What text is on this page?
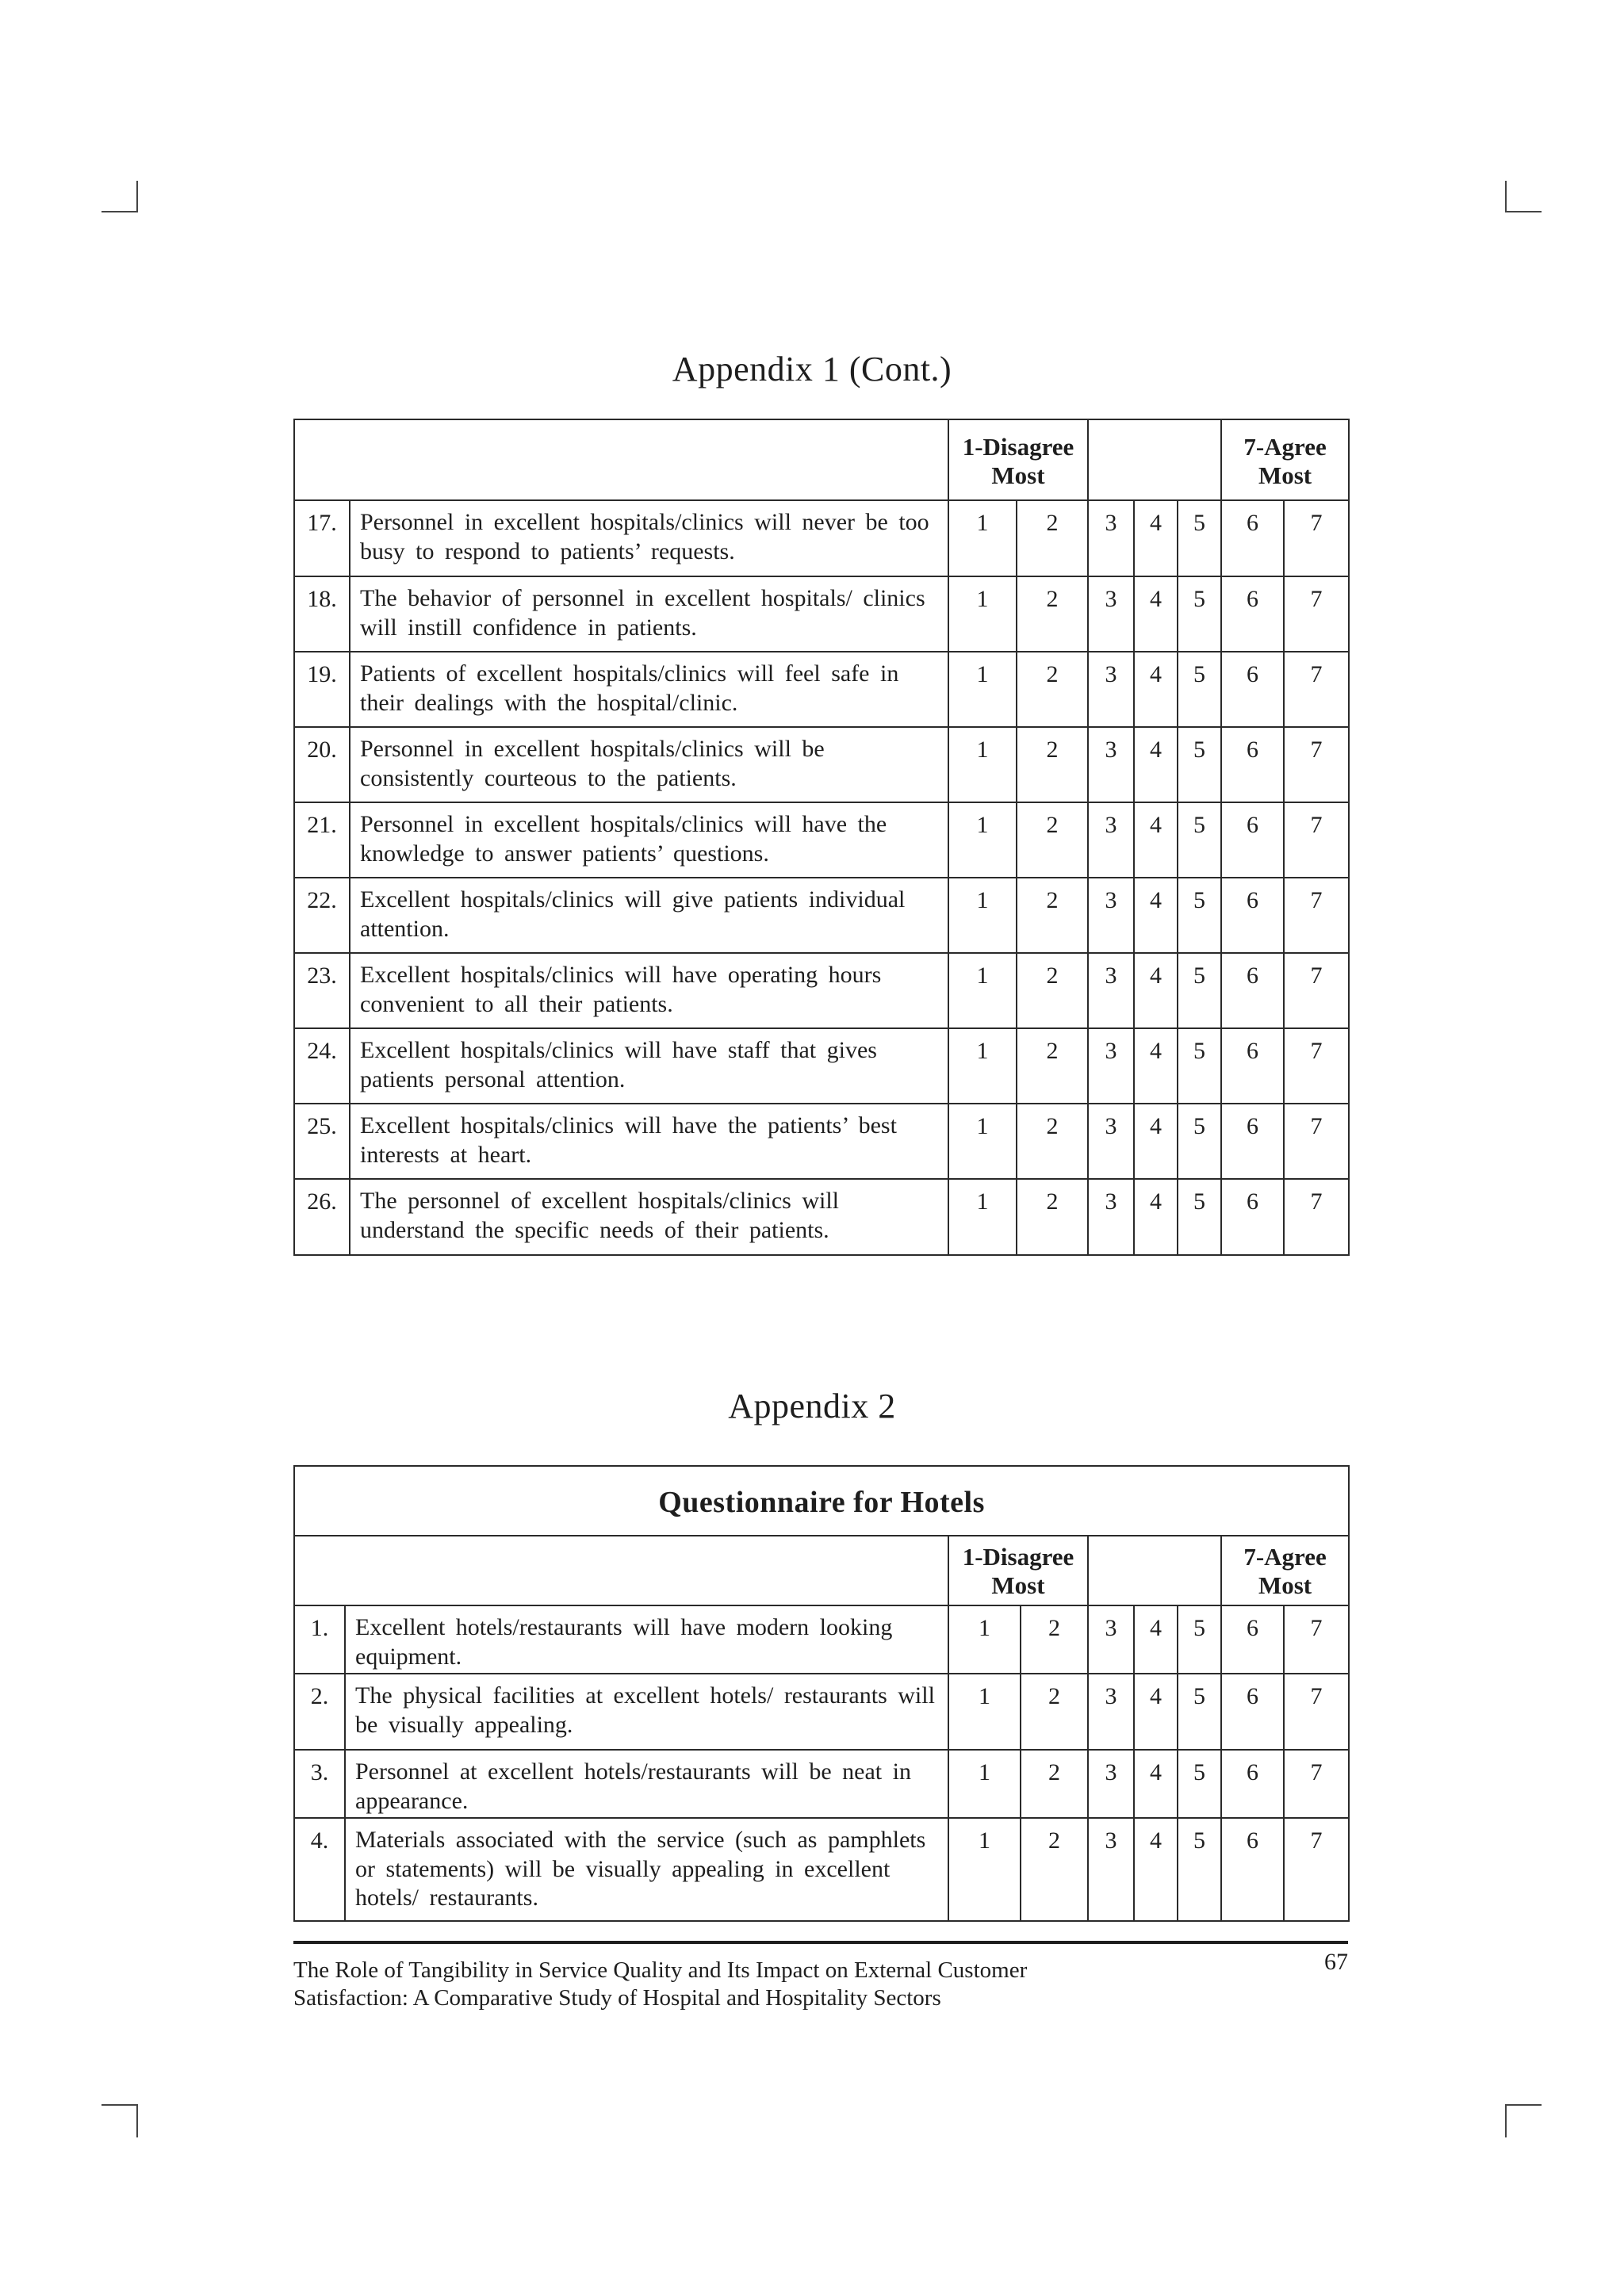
Appendix 1 (Cont.)
		1-Disagree Most					7-Agree Most	
17.	Personnel in excellent hospitals/clinics will never be too busy to respond to patients’ requests.	1	2	3	4	5	6	7
18.	The behavior of personnel in excellent hospitals/ clinics will instill confidence in patients.	1	2	3	4	5	6	7
19.	Patients of excellent hospitals/clinics will feel safe in their dealings with the hospital/clinic.	1	2	3	4	5	6	7
20.	Personnel in excellent hospitals/clinics will be consistently courteous to the patients.	1	2	3	4	5	6	7
21.	Personnel in excellent hospitals/clinics will have the knowledge to answer patients’ questions.	1	2	3	4	5	6	7
22.	Excellent hospitals/clinics will give patients individual attention.	1	2	3	4	5	6	7
23.	Excellent hospitals/clinics will have operating hours convenient to all their patients.	1	2	3	4	5	6	7
24.	Excellent hospitals/clinics will have staff that gives patients personal attention.	1	2	3	4	5	6	7
25.	Excellent hospitals/clinics will have the patients’ best interests at heart.	1	2	3	4	5	6	7
26.	The personnel of excellent hospitals/clinics will understand the specific needs of their patients.	1	2	3	4	5	6	7
Appendix 2
Questionnaire for Hotels								
		1-Disagree Most					7-Agree Most	
1.	Excellent hotels/restaurants will have modern looking equipment.	1	2	3	4	5	6	7
2.	The physical facilities at excellent hotels/ restaurants will be visually appealing.	1	2	3	4	5	6	7
3.	Personnel at excellent hotels/restaurants will be neat in appearance.	1	2	3	4	5	6	7
4.	Materials associated with the service (such as pamphlets or statements) will be visually appealing in excellent hotels/ restaurants.	1	2	3	4	5	6	7
The Role of Tangibility in Service Quality and Its Impact on External Customer
Satisfaction: A Comparative Study of Hospital and Hospitality Sectors
67
